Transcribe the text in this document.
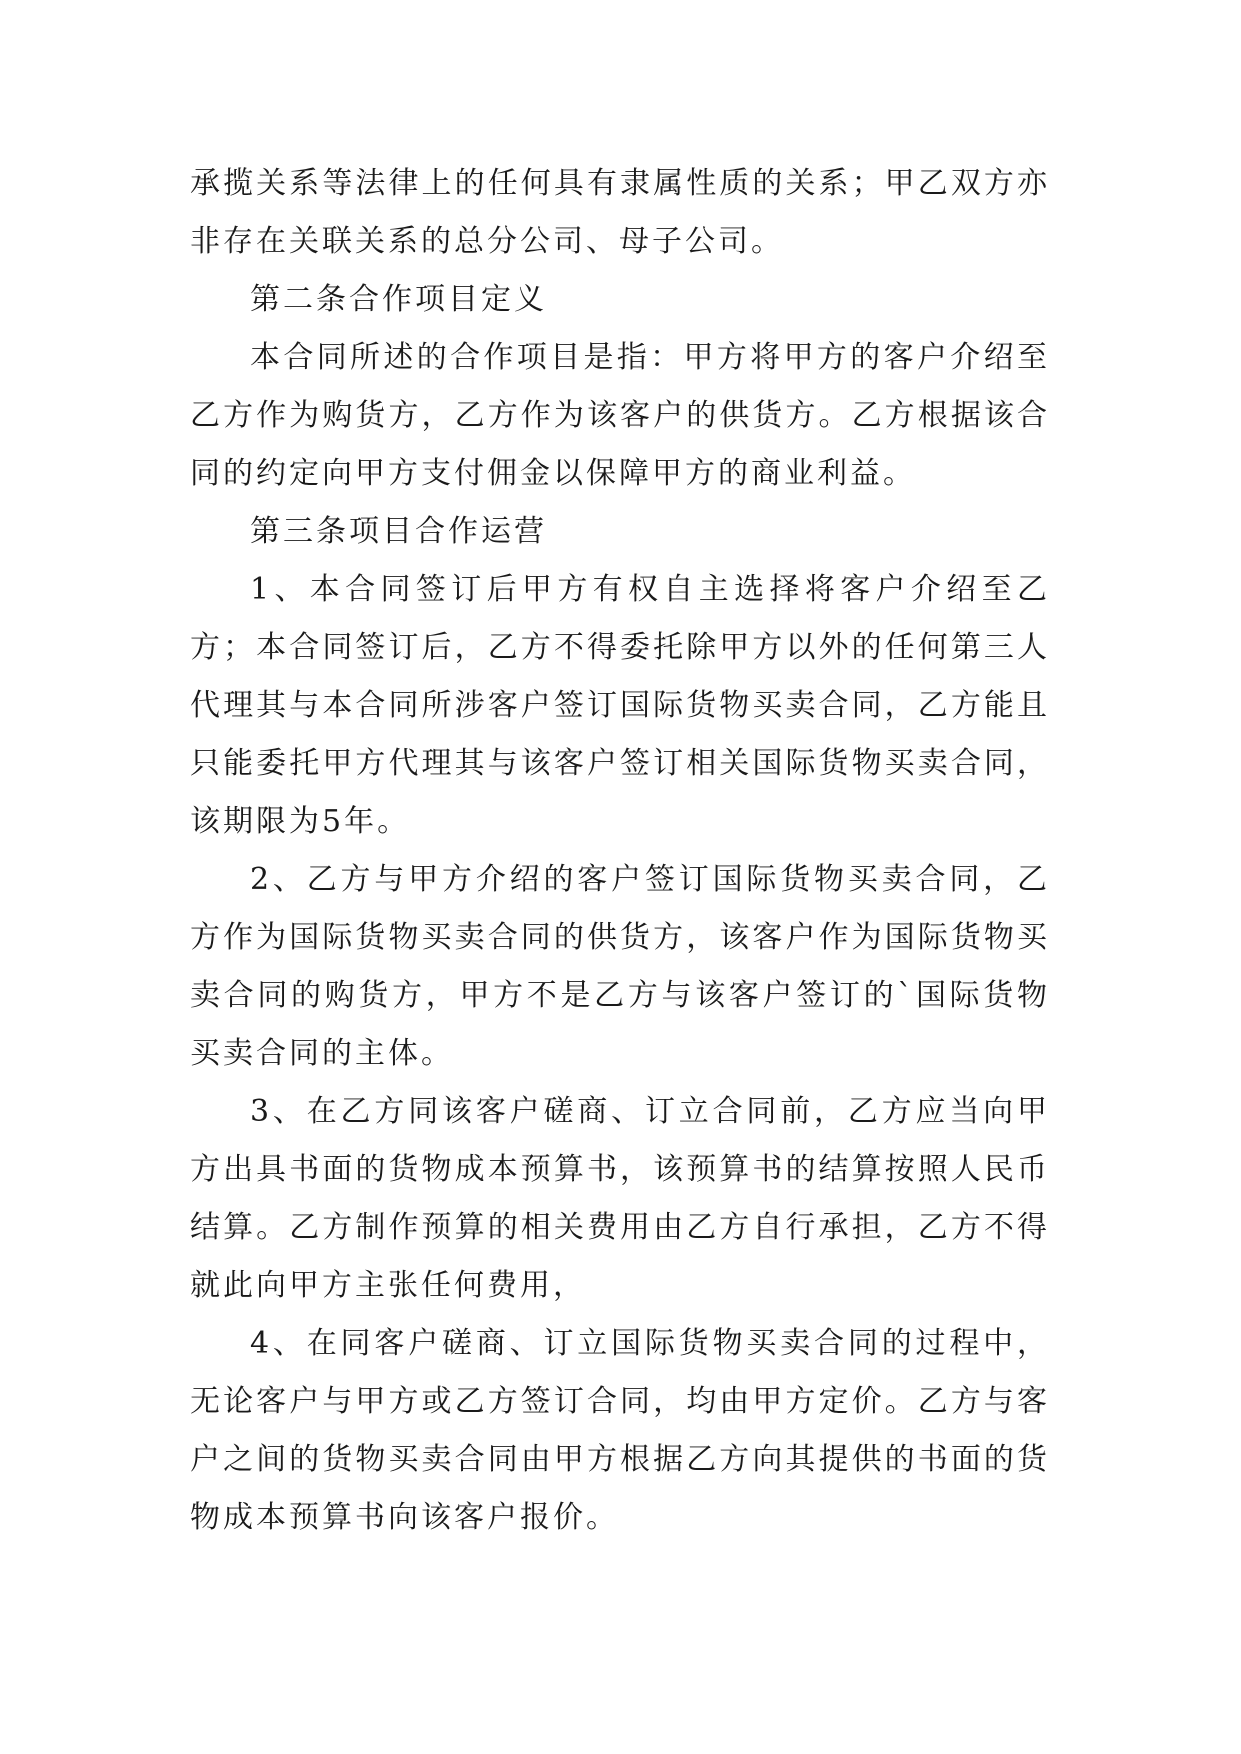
承揽关系等法律上的任何具有隶属性质的关系；甲乙双方亦非存在关联关系的总分公司、母子公司。

第二条合作项目定义

本合同所述的合作项目是指：甲方将甲方的客户介绍至乙方作为购货方，乙方作为该客户的供货方。乙方根据该合同的约定向甲方支付佣金以保障甲方的商业利益。

第三条项目合作运营

1、本合同签订后甲方有权自主选择将客户介绍至乙方；本合同签订后，乙方不得委托除甲方以外的任何第三人代理其与本合同所涉客户签订国际货物买卖合同，乙方能且只能委托甲方代理其与该客户签订相关国际货物买卖合同，该期限为5年。

2、乙方与甲方介绍的客户签订国际货物买卖合同，乙方作为国际货物买卖合同的供货方，该客户作为国际货物买卖合同的购货方，甲方不是乙方与该客户签订的`国际货物买卖合同的主体。

3、在乙方同该客户磋商、订立合同前，乙方应当向甲方出具书面的货物成本预算书，该预算书的结算按照人民币结算。乙方制作预算的相关费用由乙方自行承担，乙方不得就此向甲方主张任何费用，

4、在同客户磋商、订立国际货物买卖合同的过程中，无论客户与甲方或乙方签订合同，均由甲方定价。乙方与客户之间的货物买卖合同由甲方根据乙方向其提供的书面的货物成本预算书向该客户报价。
